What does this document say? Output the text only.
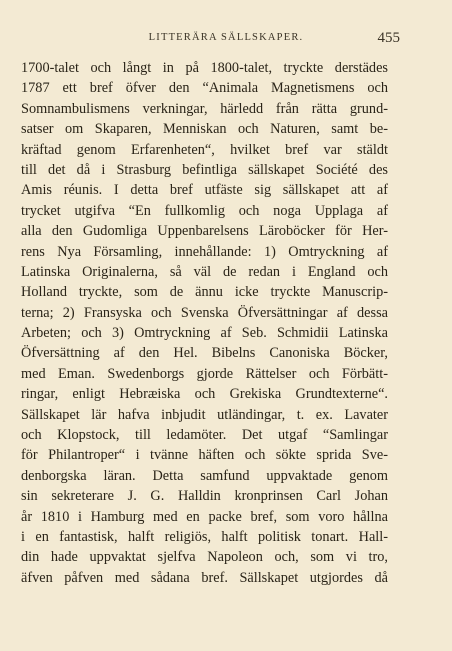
LITTERÄRA SÄLLSKAPER.	455
1700-talet och långt in på 1800-talet, tryckte derstädes
1787 ett bref öfver den “Animala Magnetismens och
Somnambulismens verkningar, härledd från rätta grund-
satser om Skaparen, Menniskan och Naturen, samt be-
kräftad genom Erfarenheten“, hvilket bref var stäldt
till det då i Strasburg befintliga sällskapet Société des
Amis réunis. I detta bref utfäste sig sällskapet att af
trycket utgifva “En fullkomlig och noga Upplaga af
alla den Gudomliga Uppenbarelsens Läroböcker för Her-
rens Nya Församling, innehållande: 1) Omtryckning af
Latinska Originalerna, så väl de redan i England och
Holland tryckte, som de ännu icke tryckte Manuscrip-
terna; 2) Fransyska och Svenska Öfversättningar af dessa
Arbeten; och 3) Omtryckning af Seb. Schmidii Latinska
Öfversättning af den Hel. Bibelns Canoniska Böcker,
med Eman. Swedenborgs gjorde Rättelser och Förbätt-
ringar, enligt Hebræiska och Grekiska Grundtexterne“.
Sällskapet lär hafva inbjudit utländingar, t. ex. Lavater
och Klopstock, till ledamöter. Det utgaf “Samlingar
för Philantroper“ i tvänne häften och sökte sprida Sve-
denborgska läran. Detta samfund uppvaktade genom
sin sekreterare J. G. Halldin kronprinsen Carl Johan
år 1810 i Hamburg med en packe bref, som voro hållna
i en fantastisk, halft religiös, halft politisk tonart. Hall-
din hade uppvaktat sjelfva Napoleon och, som vi tro,
äfven påfven med sådana bref. Sällskapet utgjordes då
